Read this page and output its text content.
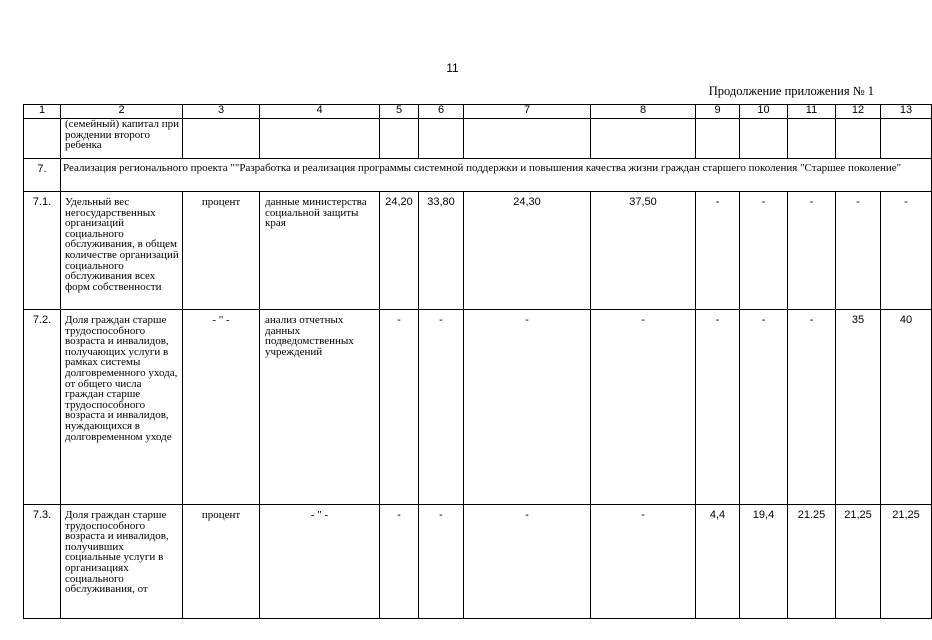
11
Продолжение приложения № 1
1	2	3	4	5	6	7	8	9	10	11	12	13
	(семейный) капитал при рождении второго ребенка											
7.	Реализация регионального проекта ""Разработка и реализация программы системной поддержки и повышения качества жизни граждан старшего поколения "Старшее поколение"											
7.1.	Удельный вес негосударственных организаций социального обслуживания, в общем количестве организаций социального обслуживания всех форм собственности	процент	данные министерства социальной защиты края	24,20	33,80	24,30	37,50	-	-	-	-	-
7.2.	Доля граждан старше трудоспособного возраста и инвалидов, получающих услуги в рамках системы долговременного ухода, от общего числа граждан старше трудоспособного возраста и инвалидов, нуждающихся в долговременном уходе	- " -	анализ отчетных данных подведомственных учреждений	-	-	-	-	-	-	-	35	40
7.3.	Доля граждан старше трудоспособного возраста и инвалидов, получивших социальные услуги в организациях социального обслуживания, от	процент	- " -	-	-	-	-	4,4	19,4	21.25	21,25	21,25
